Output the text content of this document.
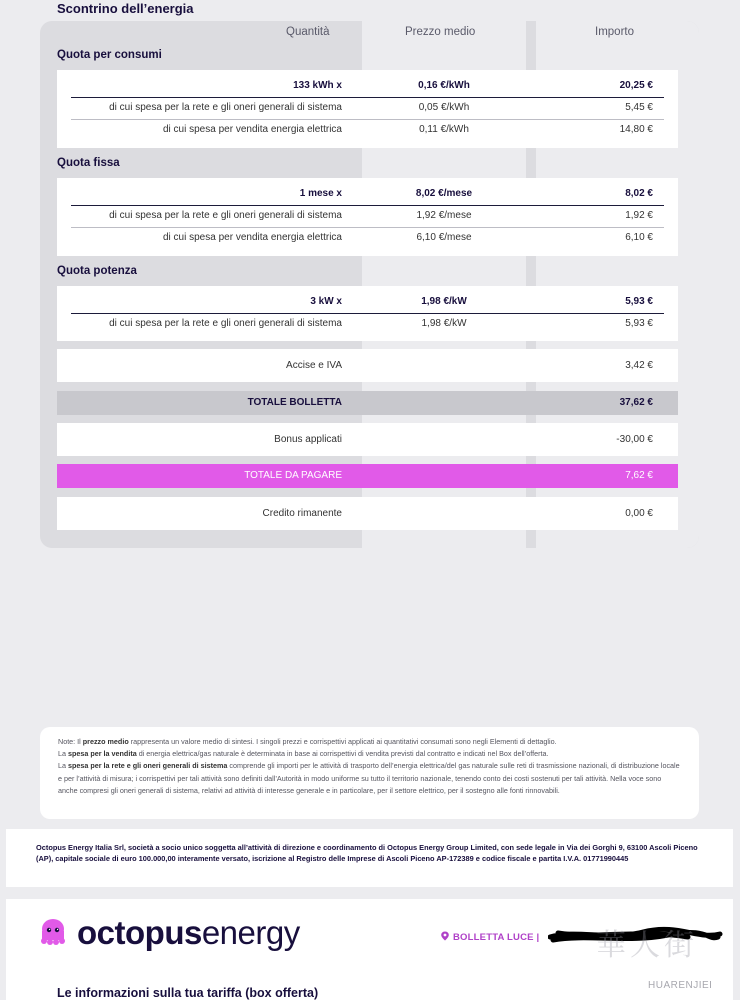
Scontrino dell’energia
Quantità	Prezzo medio	Importo
Quota per consumi
133 kWh x	0,16 €/kWh	20,25 €
di cui spesa per la rete e gli oneri generali di sistema	0,05 €/kWh	5,45 €
di cui spesa per vendita energia elettrica	0,11 €/kWh	14,80 €
Quota fissa
1 mese x	8,02 €/mese	8,02 €
di cui spesa per la rete e gli oneri generali di sistema	1,92 €/mese	1,92 €
di cui spesa per vendita energia elettrica	6,10 €/mese	6,10 €
Quota potenza
3 kW x	1,98 €/kW	5,93 €
di cui spesa per la rete e gli oneri generali di sistema	1,98 €/kW	5,93 €
Accise e IVA	3,42 €
TOTALE BOLLETTA	37,62 €
Bonus applicati	-30,00 €
TOTALE DA PAGARE	7,62 €
Credito rimanente	0,00 €
Note: Il prezzo medio rappresenta un valore medio di sintesi. I singoli prezzi e corrispettivi applicati ai quantitativi consumati sono negli Elementi di dettaglio.
La spesa per la vendita di energia elettrica/gas naturale è determinata in base ai corrispettivi di vendita previsti dal contratto e indicati nel Box dell’offerta.
La spesa per la rete e gli oneri generali di sistema comprende gli importi per le attività di trasporto dell’energia elettrica/del gas naturale sulle reti di trasmissione nazionali, di distribuzione locale e per l’attività di misura; i corrispettivi per tali attività sono definiti dall’Autorità in modo uniforme su tutto il territorio nazionale, tenendo conto dei costi sostenuti per tali attività. Nella voce sono anche compresi gli oneri generali di sistema, relativi ad attività di interesse generale e in particolare, per il settore elettrico, per il sostegno alle fonti rinnovabili.
Octopus Energy Italia Srl, società a socio unico soggetta all’attività di direzione e coordinamento di Octopus Energy Group Limited, con sede legale in Via dei Gorghi 9, 63100 Ascoli Piceno (AP), capitale sociale di euro 100.000,00 interamente versato, iscrizione al Registro delle Imprese di Ascoli Piceno AP-172389 e codice fiscale e partita I.V.A. 01771990445
octopusenergy	BOLLETTA LUCE | 華人街
HUARENJIEI
Le informazioni sulla tua tariffa (box offerta)
